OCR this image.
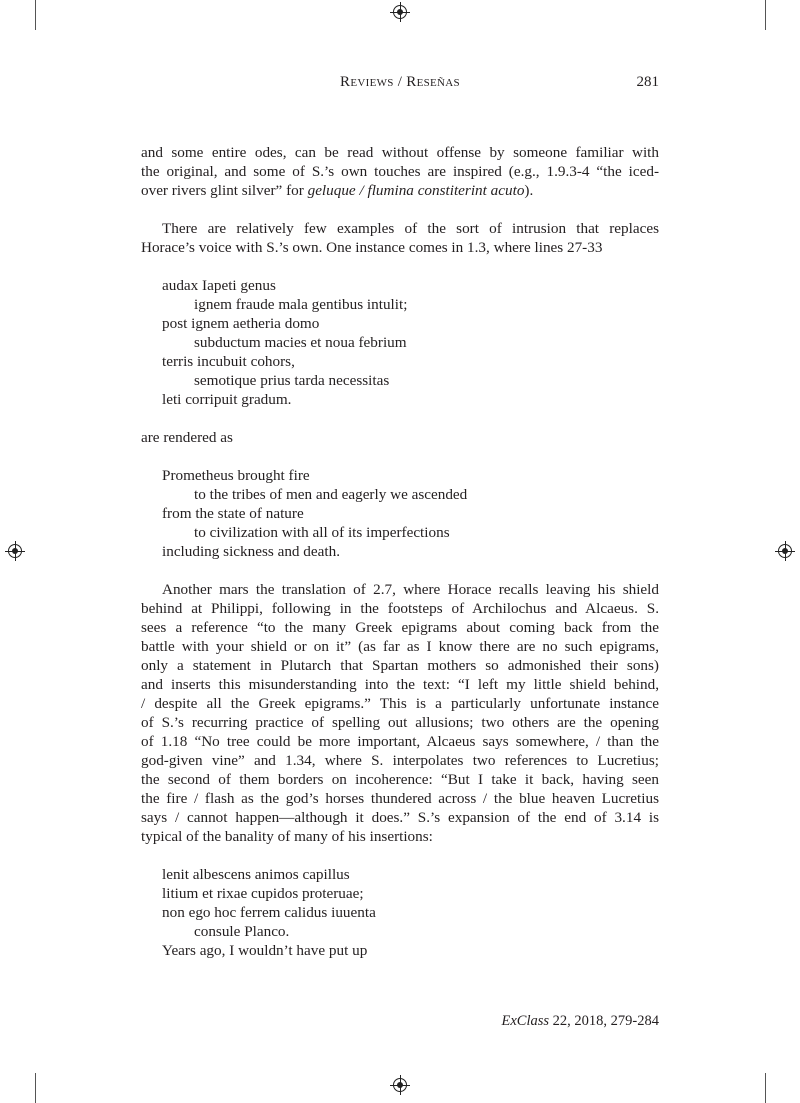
Reviews / Reseñas	281
and some entire odes, can be read without offense by someone familiar with
the original, and some of S.’s own touches are inspired (e.g., 1.9.3-4 “the iced-
over rivers glint silver” for geluque / flumina constiterint acuto).
There are relatively few examples of the sort of intrusion that replaces
Horace’s voice with S.’s own. One instance comes in 1.3, where lines 27-33
audax Iapeti genus
ignem fraude mala gentibus intulit;
post ignem aetheria domo
subductum macies et noua febrium
terris incubuit cohors,
semotique prius tarda necessitas
leti corripuit gradum.
are rendered as
Prometheus brought fire
to the tribes of men and eagerly we ascended
from the state of nature
to civilization with all of its imperfections
including sickness and death.
Another mars the translation of 2.7, where Horace recalls leaving his shield
behind at Philippi, following in the footsteps of Archilochus and Alcaeus. S.
sees a reference “to the many Greek epigrams about coming back from the
battle with your shield or on it” (as far as I know there are no such epigrams,
only a statement in Plutarch that Spartan mothers so admonished their sons)
and inserts this misunderstanding into the text: “I left my little shield behind,
/ despite all the Greek epigrams.” This is a particularly unfortunate instance
of S.’s recurring practice of spelling out allusions; two others are the opening
of 1.18 “No tree could be more important, Alcaeus says somewhere, / than the
god-given vine” and 1.34, where S. interpolates two references to Lucretius;
the second of them borders on incoherence: “But I take it back, having seen
the fire / flash as the god’s horses thundered across / the blue heaven Lucretius
says / cannot happen—although it does.” S.’s expansion of the end of 3.14 is
typical of the banality of many of his insertions:
lenit albescens animos capillus
litium et rixae cupidos proteruae;
non ego hoc ferrem calidus iuuenta
consule Planco.
Years ago, I wouldn’t have put up
ExClass 22, 2018, 279-284
